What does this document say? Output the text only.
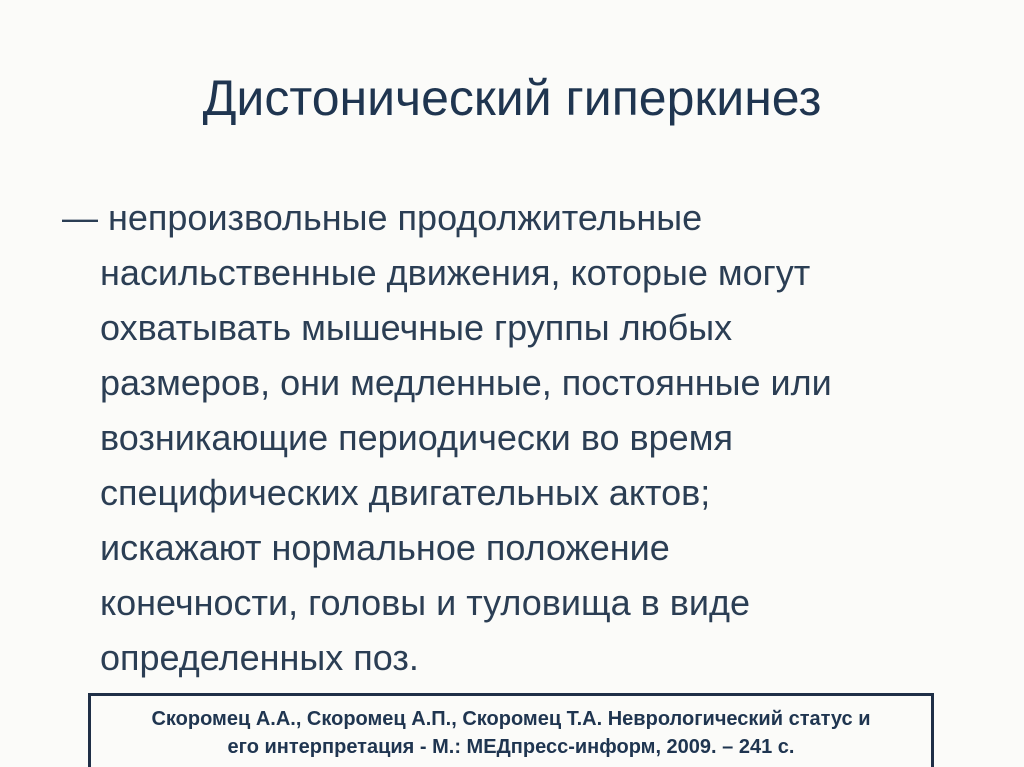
Дистонический гиперкинез
— непроизвольные продолжительные
насильственные движения, которые могут
охватывать мышечные группы любых
размеров, они медленные, постоянные или
возникающие периодически во время
специфических двигательных актов;
искажают нормальное положение
конечности, головы и туловища в виде
определенных поз.
Скоромец А.А., Скоромец А.П., Скоромец Т.А. Неврологический статус и
его интерпретация - М.: МЕДпресс-информ, 2009. – 241 с.
